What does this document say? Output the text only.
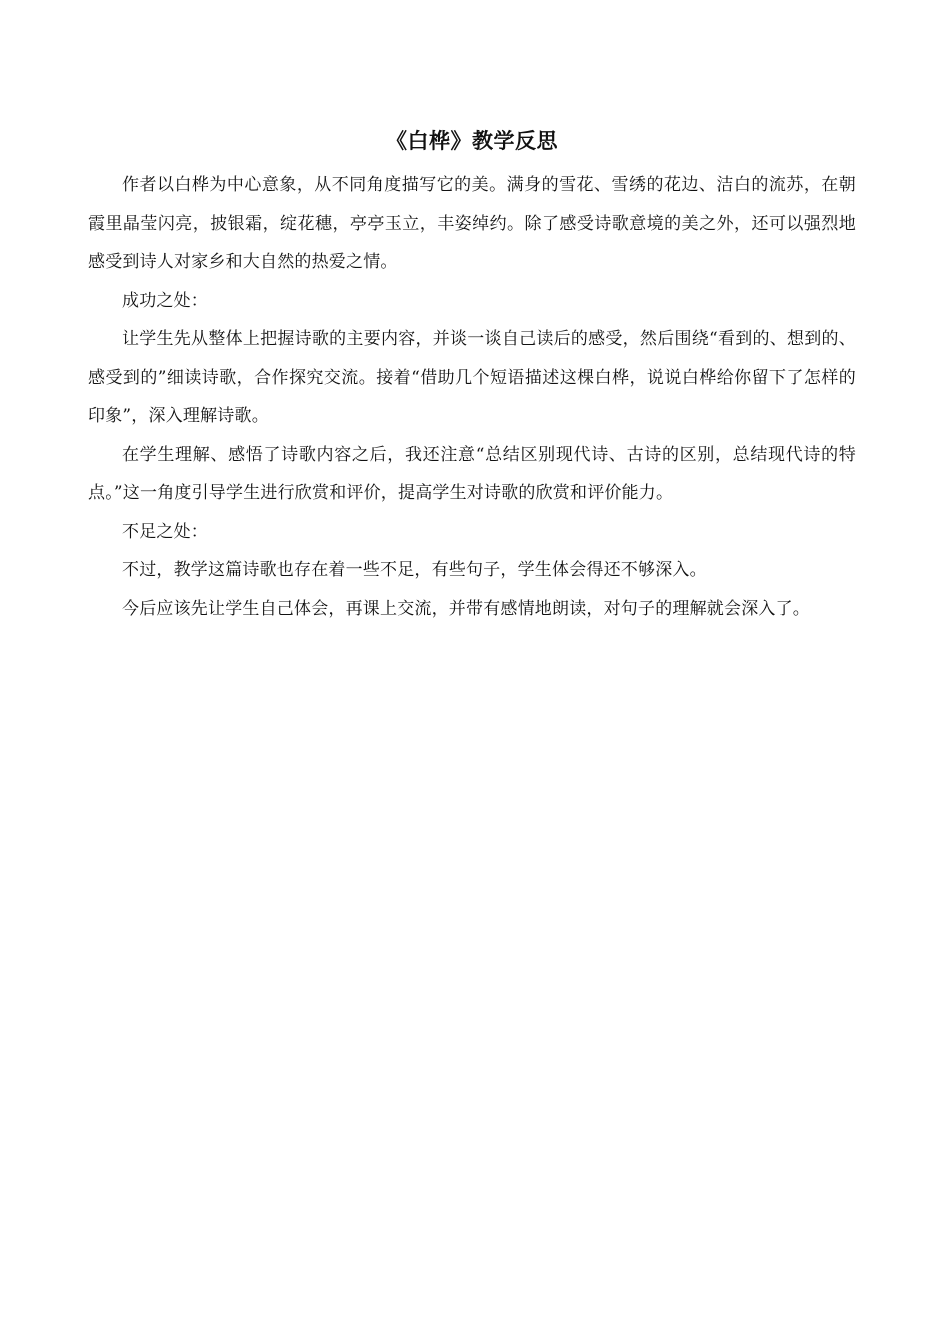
《白桦》教学反思

作者以白桦为中心意象，从不同角度描写它的美。满身的雪花、雪绣的花边、洁白的流苏，在朝霞里晶莹闪亮，披银霜，绽花穗，亭亭玉立，丰姿绰约。除了感受诗歌意境的美之外，还可以强烈地感受到诗人对家乡和大自然的热爱之情。

成功之处：

让学生先从整体上把握诗歌的主要内容，并谈一谈自己读后的感受，然后围绕“看到的、想到的、感受到的”细读诗歌，合作探究交流。接着“借助几个短语描述这棵白桦，说说白桦给你留下了怎样的印象”，深入理解诗歌。

在学生理解、感悟了诗歌内容之后，我还注意“总结区别现代诗、古诗的区别，总结现代诗的特点。”这一角度引导学生进行欣赏和评价，提高学生对诗歌的欣赏和评价能力。

不足之处：

不过，教学这篇诗歌也存在着一些不足，有些句子，学生体会得还不够深入。

今后应该先让学生自己体会，再课上交流，并带有感情地朗读，对句子的理解就会深入了。
